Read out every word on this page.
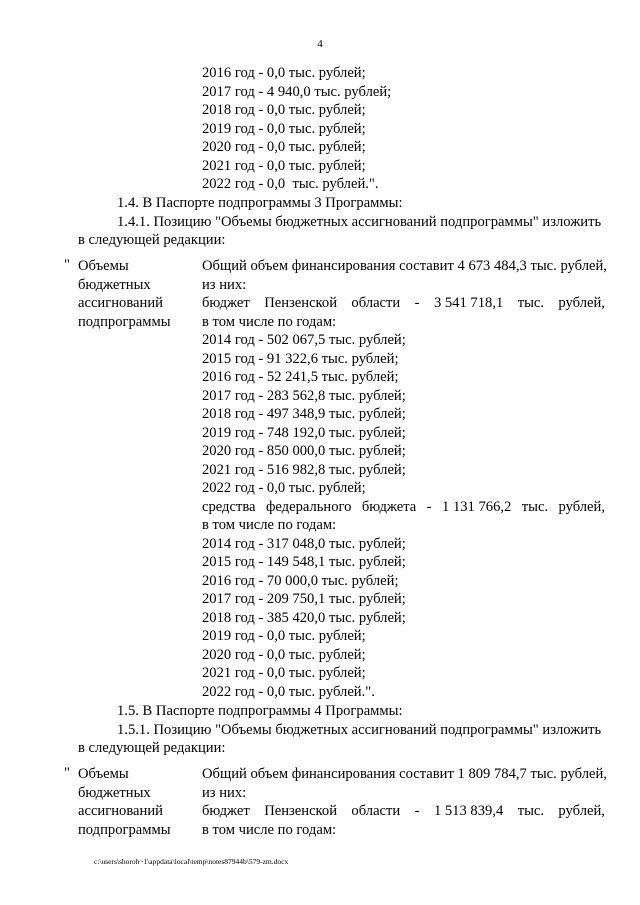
4
2016 год - 0,0 тыс. рублей;
2017 год - 4 940,0 тыс. рублей;
2018 год - 0,0 тыс. рублей;
2019 год - 0,0 тыс. рублей;
2020 год - 0,0 тыс. рублей;
2021 год - 0,0 тыс. рублей;
2022 год - 0,0  тыс. рублей.".
1.4. В Паспорте подпрограммы 3 Программы:
1.4.1. Позицию "Объемы бюджетных ассигнований подпрограммы" изложить
в следующей редакции:
" Объемы
бюджетных
ассигнований
подпрограммы
Общий объем финансирования составит 4 673 484,3 тыс. рублей,
из них:
бюджет Пензенской области - 3 541 718,1 тыс. рублей,
в том числе по годам:
2014 год - 502 067,5 тыс. рублей;
2015 год - 91 322,6 тыс. рублей;
2016 год - 52 241,5 тыс. рублей;
2017 год - 283 562,8 тыс. рублей;
2018 год - 497 348,9 тыс. рублей;
2019 год - 748 192,0 тыс. рублей;
2020 год - 850 000,0 тыс. рублей;
2021 год - 516 982,8 тыс. рублей;
2022 год - 0,0 тыс. рублей;
средства федерального бюджета - 1 131 766,2 тыс. рублей,
в том числе по годам:
2014 год - 317 048,0 тыс. рублей;
2015 год - 149 548,1 тыс. рублей;
2016 год - 70 000,0 тыс. рублей;
2017 год - 209 750,1 тыс. рублей;
2018 год - 385 420,0 тыс. рублей;
2019 год - 0,0 тыс. рублей;
2020 год - 0,0 тыс. рублей;
2021 год - 0,0 тыс. рублей;
2022 год - 0,0 тыс. рублей.".
1.5. В Паспорте подпрограммы 4 Программы:
1.5.1. Позицию "Объемы бюджетных ассигнований подпрограммы" изложить
в следующей редакции:
" Объемы
бюджетных
ассигнований
подпрограммы
Общий объем финансирования составит 1 809 784,7 тыс. рублей,
из них:
бюджет Пензенской области - 1 513 839,4 тыс. рублей,
в том числе по годам:
c:\users\shoroh~1\appdata\local\temp\notes87944b\579-zm.docx
